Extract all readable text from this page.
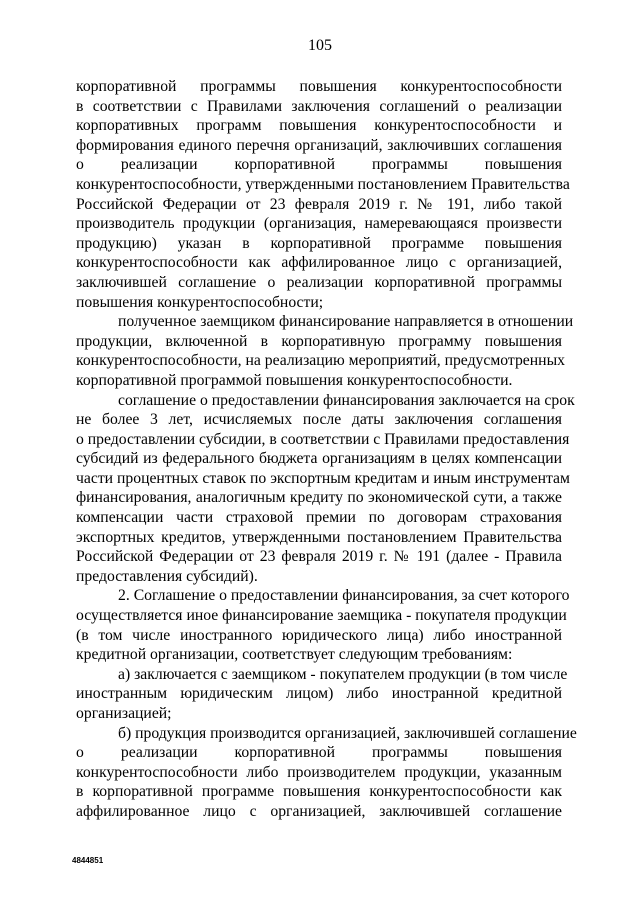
105
корпоративной программы повышения конкурентоспособности
в соответствии с Правилами заключения соглашений о реализации
корпоративных программ повышения конкурентоспособности и
формирования единого перечня организаций, заключивших соглашения
о реализации корпоративной программы повышения
конкурентоспособности, утвержденными постановлением Правительства
Российской Федерации от 23 февраля 2019 г. № 191, либо такой
производитель продукции (организация, намеревающаяся произвести
продукцию) указан в корпоративной программе повышения
конкурентоспособности как аффилированное лицо с организацией,
заключившей соглашение о реализации корпоративной программы
повышения конкурентоспособности;
полученное заемщиком финансирование направляется в отношении
продукции, включенной в корпоративную программу повышения
конкурентоспособности, на реализацию мероприятий, предусмотренных
корпоративной программой повышения конкурентоспособности.
соглашение о предоставлении финансирования заключается на срок
не более 3 лет, исчисляемых после даты заключения соглашения
о предоставлении субсидии, в соответствии с Правилами предоставления
субсидий из федерального бюджета организациям в целях компенсации
части процентных ставок по экспортным кредитам и иным инструментам
финансирования, аналогичным кредиту по экономической сути, а также
компенсации части страховой премии по договорам страхования
экспортных кредитов, утвержденными постановлением Правительства
Российской Федерации от 23 февраля 2019 г. № 191 (далее - Правила
предоставления субсидий).
2. Соглашение о предоставлении финансирования, за счет которого
осуществляется иное финансирование заемщика - покупателя продукции
(в том числе иностранного юридического лица) либо иностранной
кредитной организации, соответствует следующим требованиям:
а) заключается с заемщиком - покупателем продукции (в том числе
иностранным юридическим лицом) либо иностранной кредитной
организацией;
б) продукция производится организацией, заключившей соглашение
о реализации корпоративной программы повышения
конкурентоспособности либо производителем продукции, указанным
в корпоративной программе повышения конкурентоспособности как
аффилированное лицо с организацией, заключившей соглашение
4844851
